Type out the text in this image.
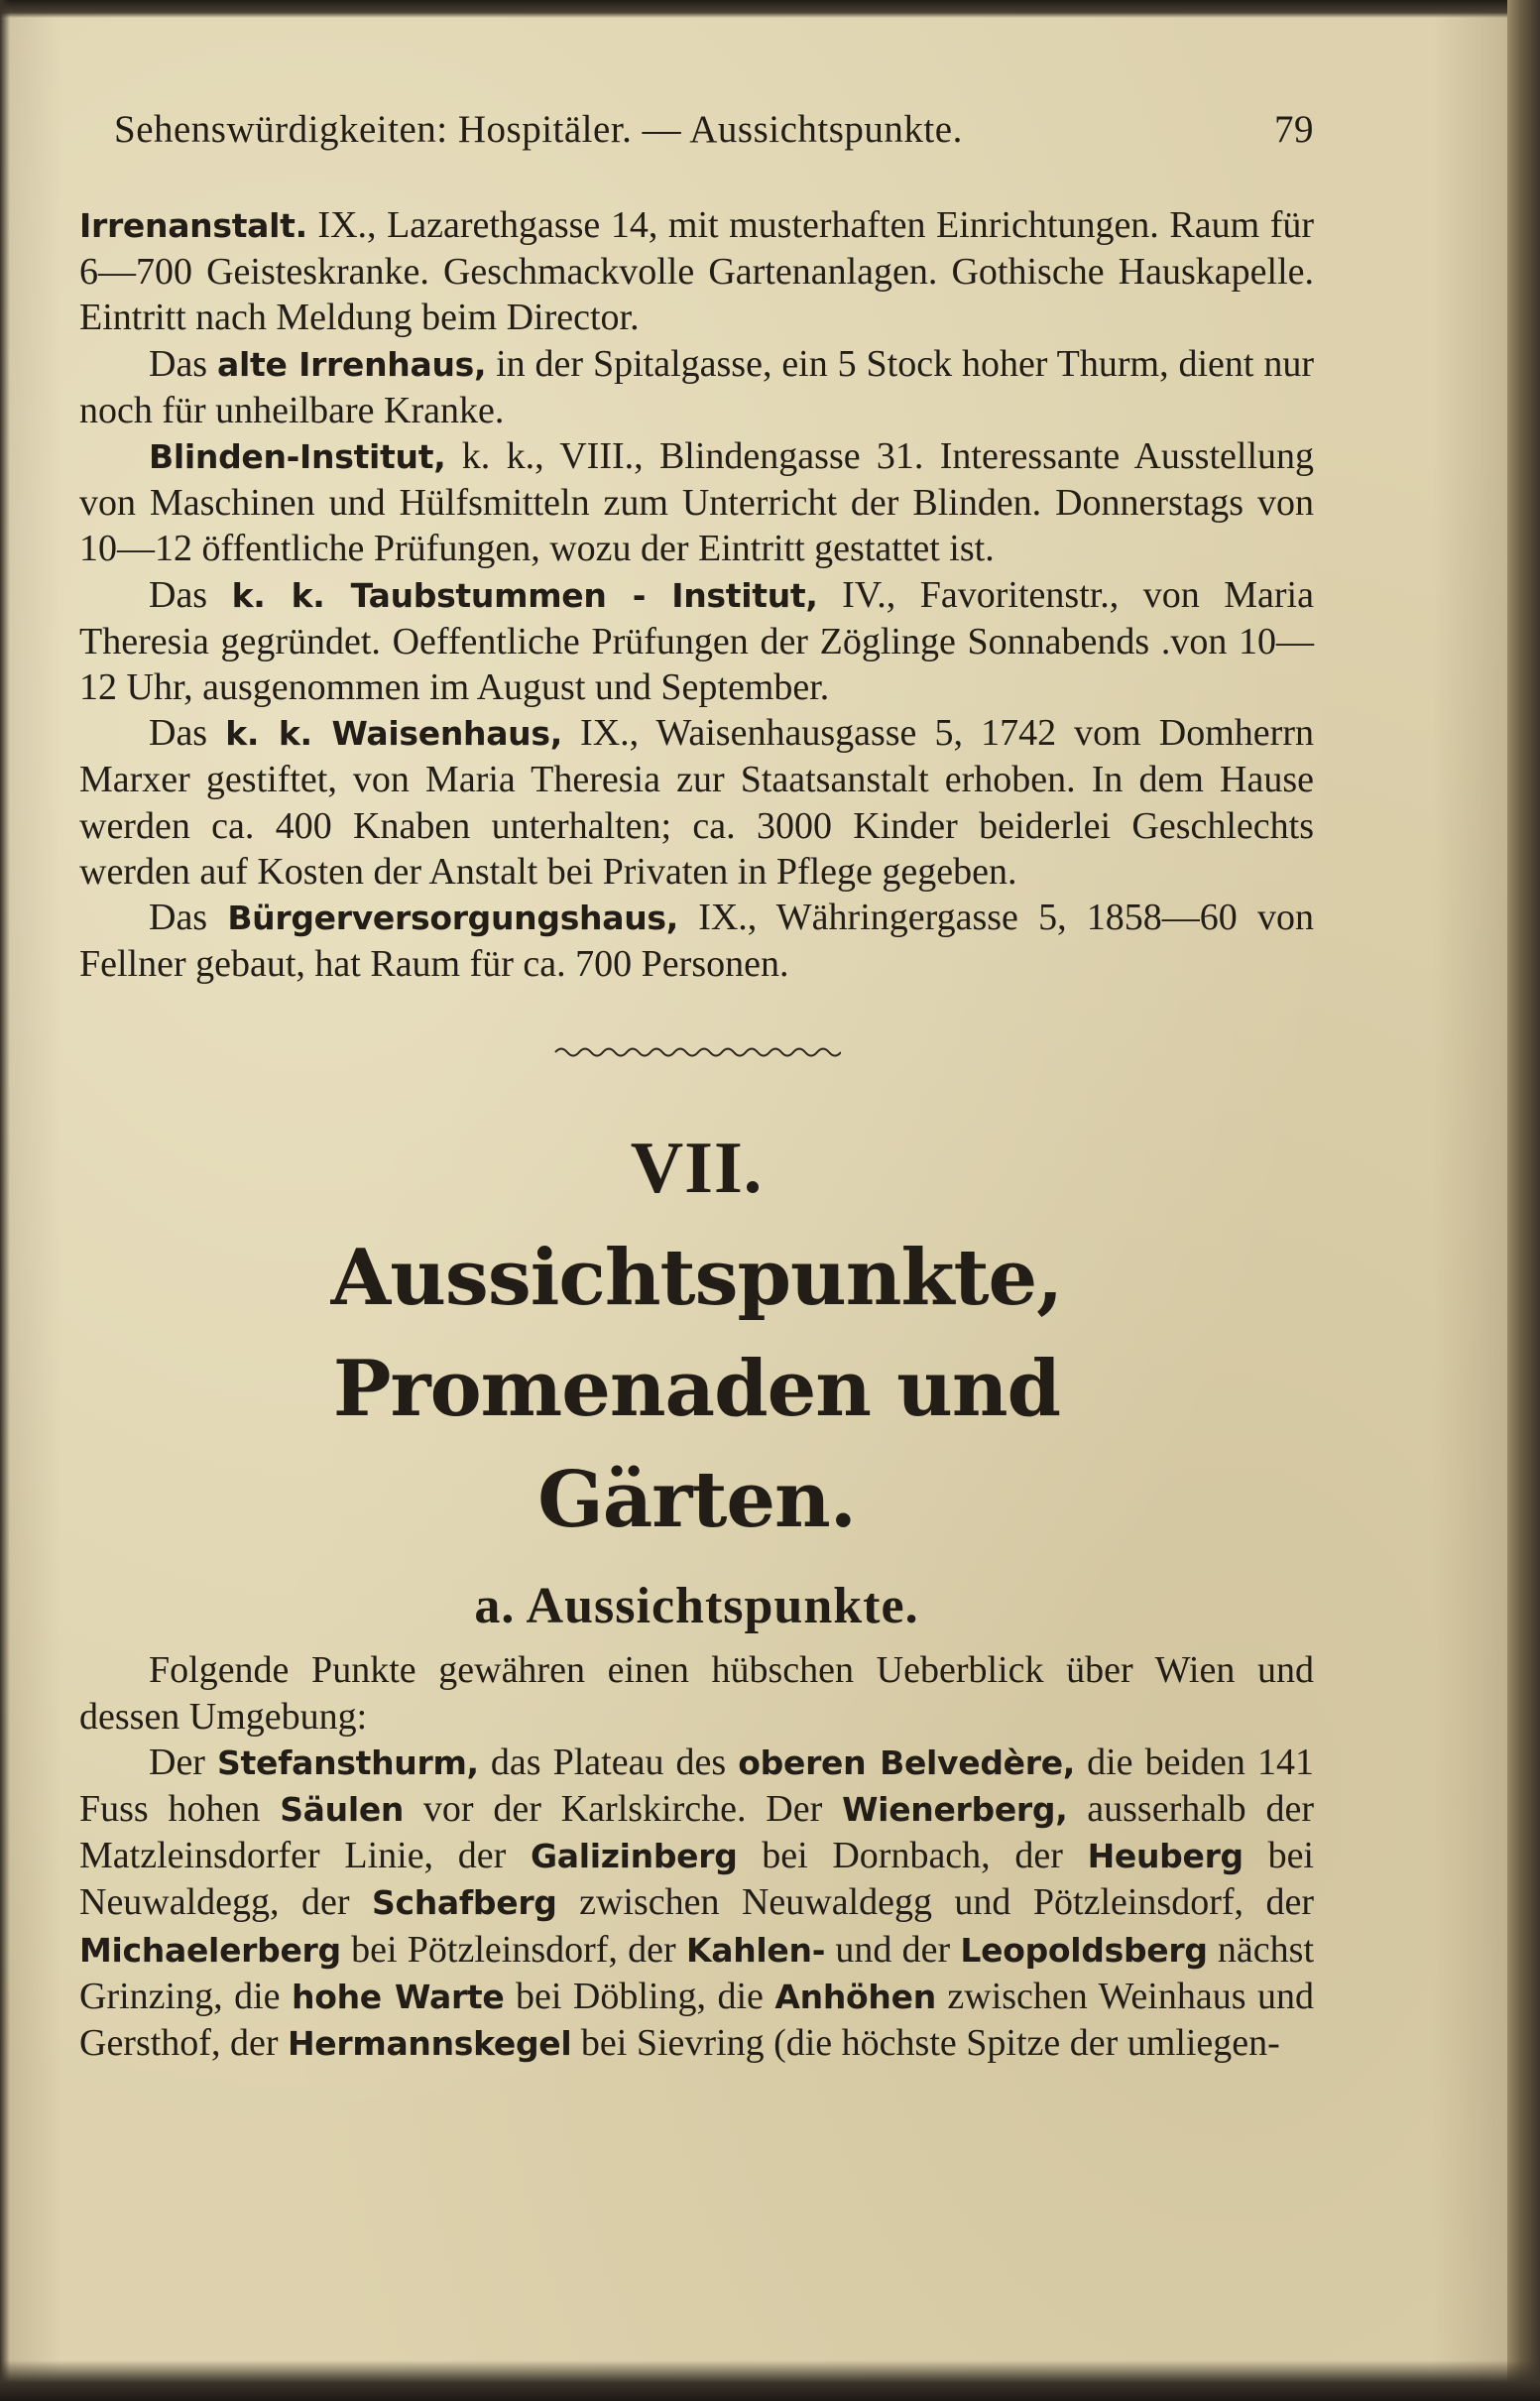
Sehenswürdigkeiten: Hospitäler. — Aussichtspunkte.	79

Irrenanstalt. IX., Lazarethgasse 14, mit musterhaften Einrichtungen. Raum für 6—700 Geisteskranke. Geschmackvolle Gartenanlagen. Gothische Hauskapelle. Eintritt nach Meldung beim Director.

Das alte Irrenhaus, in der Spitalgasse, ein 5 Stock hoher Thurm, dient nur noch für unheilbare Kranke.

Blinden-Institut, k. k., VIII., Blindengasse 31. Interessante Ausstellung von Maschinen und Hülfsmitteln zum Unterricht der Blinden. Donnerstags von 10—12 öffentliche Prüfungen, wozu der Eintritt gestattet ist.

Das k. k. Taubstummen - Institut, IV., Favoritenstr., von Maria Theresia gegründet. Oeffentliche Prüfungen der Zöglinge Sonnabends .von 10—12 Uhr, ausgenommen im August und September.

Das k. k. Waisenhaus, IX., Waisenhausgasse 5, 1742 vom Domherrn Marxer gestiftet, von Maria Theresia zur Staatsanstalt erhoben. In dem Hause werden ca. 400 Knaben unterhalten; ca. 3000 Kinder beiderlei Geschlechts werden auf Kosten der Anstalt bei Privaten in Pflege gegeben.

Das Bürgerversorgungshaus, IX., Währingergasse 5, 1858—60 von Fellner gebaut, hat Raum für ca. 700 Personen.

VII.
Aussichtspunkte, Promenaden und
Gärten.
a. Aussichtspunkte.

Folgende Punkte gewähren einen hübschen Ueberblick über Wien und dessen Umgebung:

Der Stefansthurm, das Plateau des oberen Belvedère, die beiden 141 Fuss hohen Säulen vor der Karlskirche. Der Wienerberg, ausserhalb der Matzleinsdorfer Linie, der Galizinberg bei Dornbach, der Heuberg bei Neuwaldegg, der Schafberg zwischen Neuwaldegg und Pötzleinsdorf, der Michaelerberg bei Pötzleinsdorf, der Kahlen- und der Leopoldsberg nächst Grinzing, die hohe Warte bei Döbling, die Anhöhen zwischen Weinhaus und Gersthof, der Hermannskegel bei Sievring (die höchste Spitze der umliegen-
